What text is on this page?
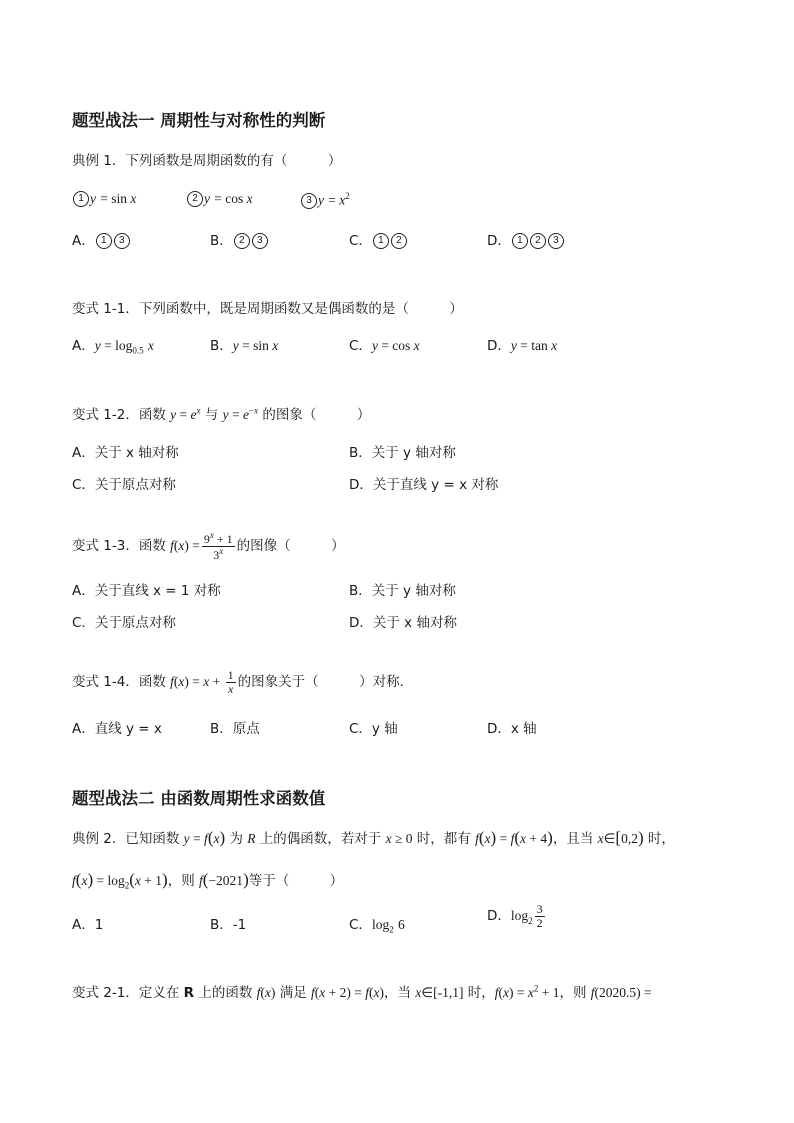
题型战法一 周期性与对称性的判断
典例 1．下列函数是周期函数的有（　　　）
1 y = sin x	2 y = cos x	3 $y = x^2$
A． 1 3	B． 2 3	C． 1 2	D． 1 2 3
变式 1-1．下列函数中，既是周期函数又是偶函数的是（　　　）
A．$y = \log_{0.5} x$	B．y = sin x	C．y = cos x	D．y = tan x
变式 1-2．函数 $y = e^x$ 与 $y = e^{-x}$ 的图象（　　　）
A．关于 x 轴对称	B．关于 y 轴对称
C．关于原点对称	D．关于直线 y = x 对称
变式 1-3．函数 $f(x) = \frac{9^x + 1}{3^x}$ 的图像（　　　）
A．关于直线 x = 1 对称	B．关于 y 轴对称
C．关于原点对称	D．关于 x 轴对称
变式 1-4．函数 $f(x) = x + \frac{1}{x}$ 的图象关于（　　　）对称.
A．直线 y = x	B．原点	C．y 轴	D．x 轴
题型战法二 由函数周期性求函数值
典例 2．已知函数 y = f(x) 为 R 上的偶函数，若对于 x ≥ 0 时，都有 f(x) = f(x + 4)，且当 x∈[0,2) 时，
$f(x) = \log_2(x + 1)$，则 f(−2021)等于（　　　）
A．1	B．-1	C．$\log_2 6$
D．$\log_2 \frac{3}{2}$
变式 2-1．定义在 R 上的函数 f(x) 满足 f(x + 2) = f(x)，当 x∈[-1,1] 时，$f(x) = x^2 + 1$，则 f(2020.5) =
